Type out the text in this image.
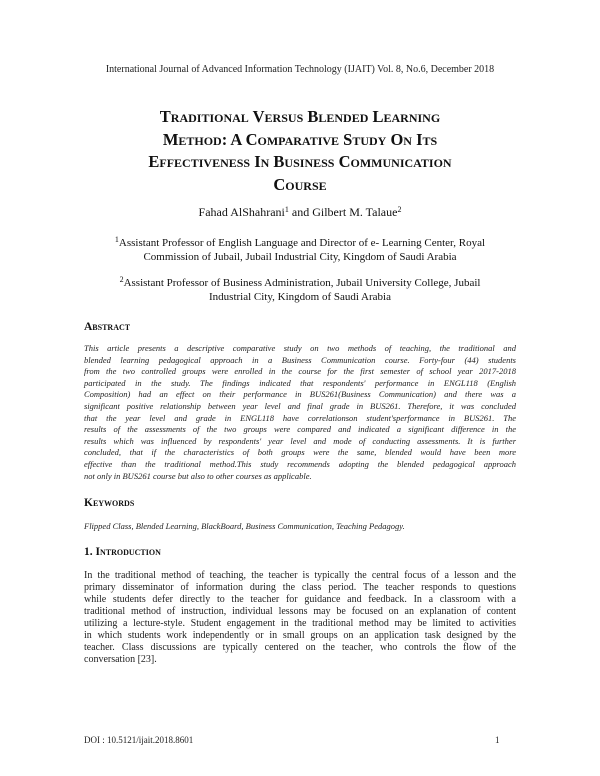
International Journal of Advanced Information Technology (IJAIT) Vol. 8, No.6, December 2018
Traditional Versus Blended Learning
Method: A Comparative Study On Its
Effectiveness In Business Communication
Course
Fahad AlShahrani$^1$ and Gilbert M. Talaue$^2$
$^1$Assistant Professor of English Language and Director of e- Learning Center, Royal
Commission of Jubail, Jubail Industrial City, Kingdom of Saudi Arabia
$^2$Assistant Professor of Business Administration, Jubail University College, Jubail
Industrial City, Kingdom of Saudi Arabia
Abstract
This article presents a descriptive comparative study on two methods of teaching, the traditional and
blended learning pedagogical approach in a Business Communication course. Forty-four (44) students
from the two controlled groups were enrolled in the course for the first semester of school year 2017-2018
participated in the study. The findings indicated that respondents' performance in ENGL118 (English
Composition) had an effect on their performance in BUS261(Business Communication) and there was a
significant positive relationship between year level and final grade in BUS261. Therefore, it was concluded
that the year level and grade in ENGL118 have correlationson student'sperformance in BUS261. The
results of the assessments of the two groups were compared and indicated a significant difference in the
results which was influenced by respondents' year level and mode of conducting assessments. It is further
concluded, that if the characteristics of both groups were the same, blended would have been more
effective than the traditional method.This study recommends adopting the blended pedagogical approach
not only in BUS261 course but also to other courses as applicable.
Keywords
Flipped Class, Blended Learning, BlackBoard, Business Communication, Teaching Pedagogy.
1. Introduction
In the traditional method of teaching, the teacher is typically the central focus of a lesson and the
primary disseminator of information during the class period. The teacher responds to questions
while students defer directly to the teacher for guidance and feedback. In a classroom with a
traditional method of instruction, individual lessons may be focused on an explanation of content
utilizing a lecture-style. Student engagement in the traditional method may be limited to activities
in which students work independently or in small groups on an application task designed by the
teacher. Class discussions are typically centered on the teacher, who controls the flow of the
conversation [23].
DOI : 10.5121/ijait.2018.8601	1
